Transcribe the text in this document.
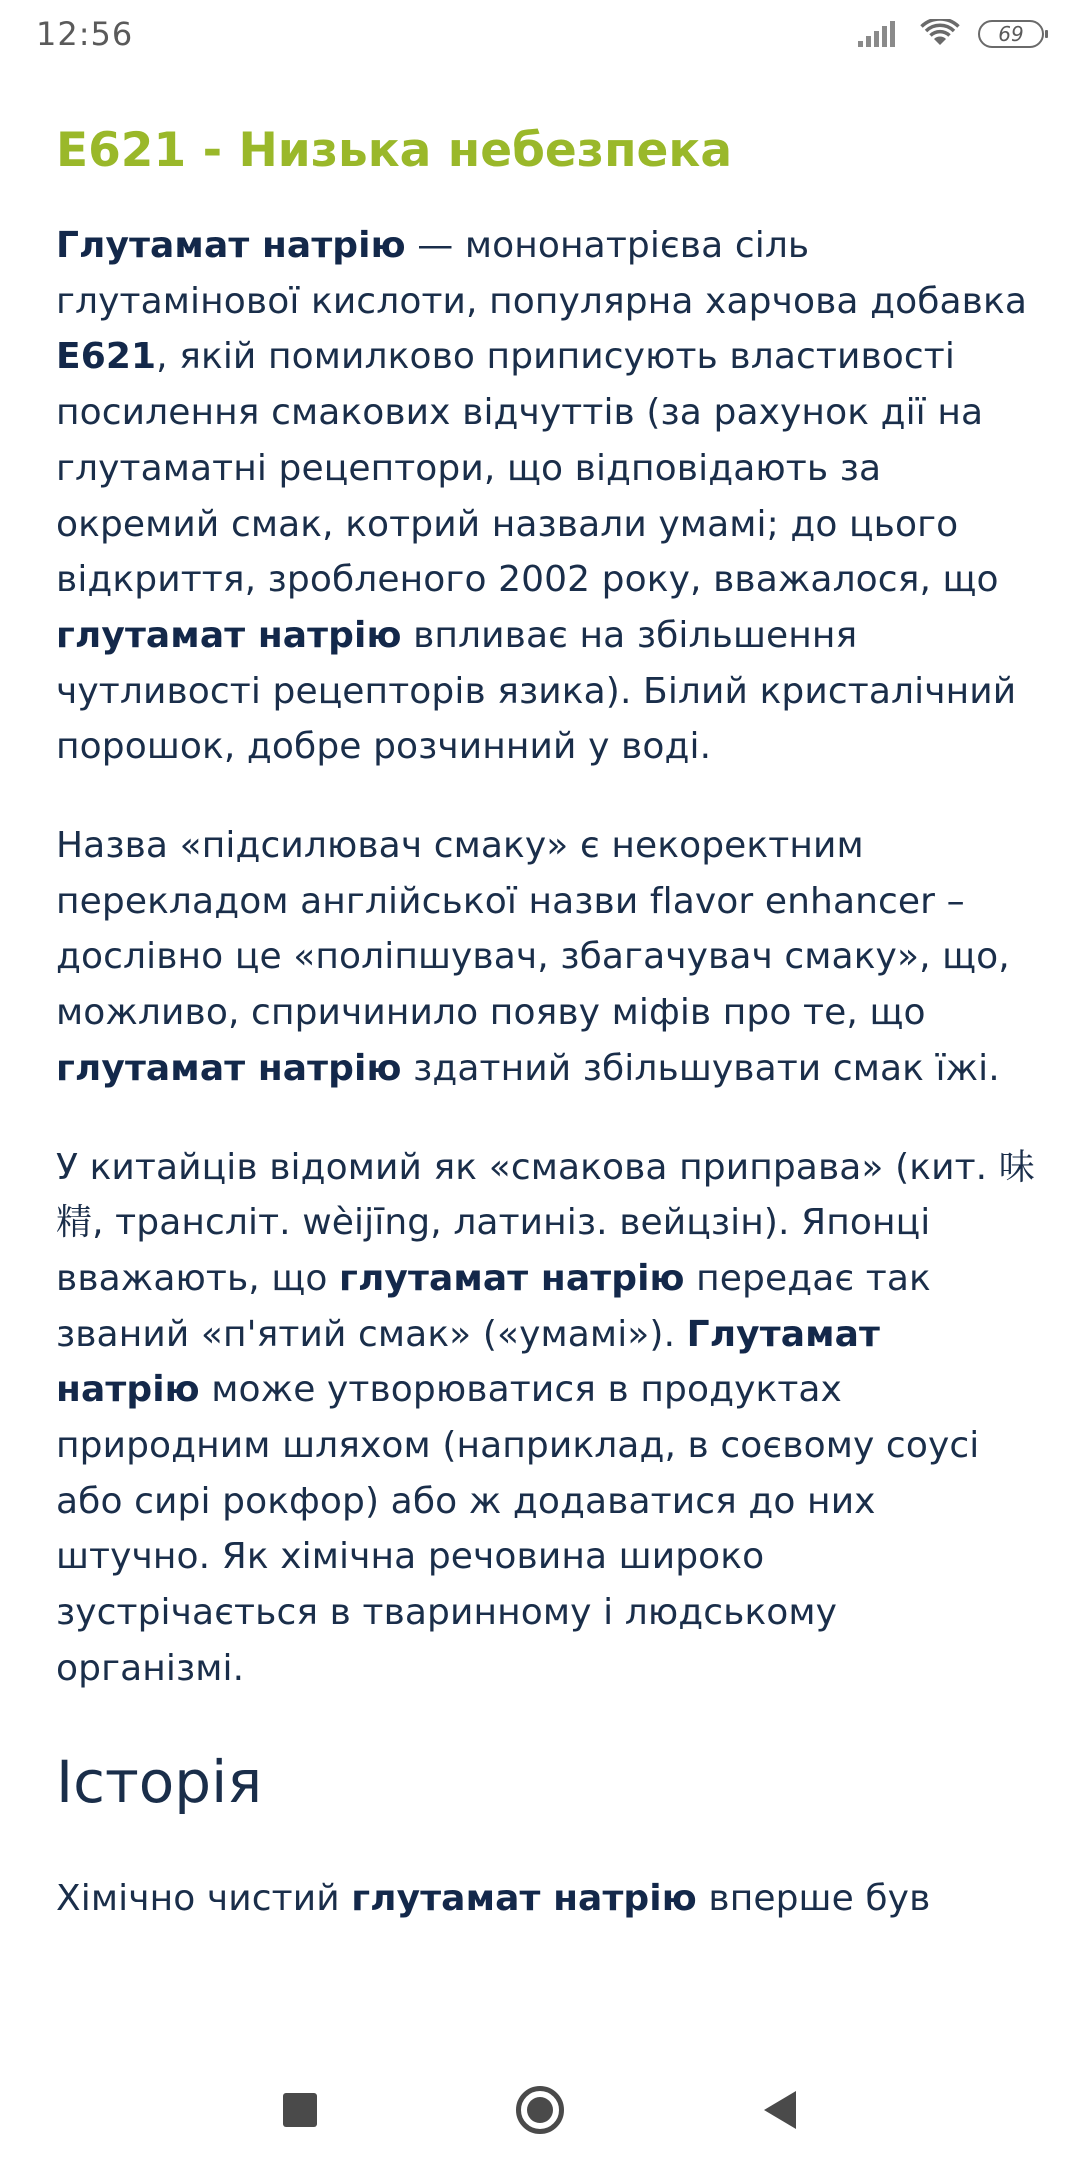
12:56	69
E621 - Низька небезпека

Глутамат натрію — мононатрієва сіль глутамінової кислоти, популярна харчова добавка E621, якій помилково приписують властивості посилення смакових відчуттів (за рахунок дії на глутаматні рецептори, що відповідають за окремий смак, котрий назвали умамі; до цього відкриття, зробленого 2002 року, вважалося, що глутамат натрію впливає на збільшення чутливості рецепторів язика). Білий кристалічний порошок, добре розчинний у воді.

Назва «підсилювач смаку» є некоректним перекладом англійської назви flavor enhancer – дослівно це «поліпшувач, збагачувач смаку», що, можливо, спричинило появу міфів про те, що глутамат натрію здатний збільшувати смак їжі.

У китайців відомий як «смакова приправа» (кит. 味精, трансліт. wèijīng, латиніз. вейцзін). Японці вважають, що глутамат натрію передає так званий «п'ятий смак» («умамі»). Глутамат натрію може утворюватися в продуктах природним шляхом (наприклад, в соєвому соусі або сирі рокфор) або ж додаватися до них штучно. Як хімічна речовина широко зустрічається в тваринному і людському організмі.

Історія

Хімічно чистий глутамат натрію вперше був
